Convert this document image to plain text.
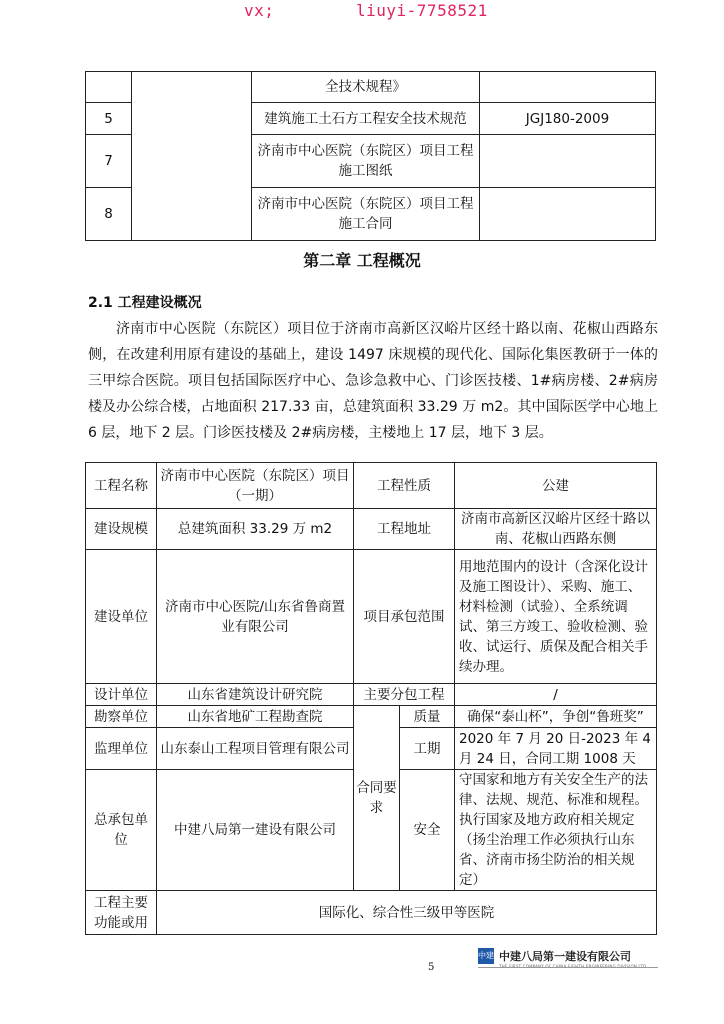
vx;	liuyi-7758521
		全技术规程》	
5		建筑施工土石方工程安全技术规范	JGJ180-2009
7		济南市中心医院（东院区）项目工程施工图纸	
8		济南市中心医院（东院区）项目工程施工合同	
第二章 工程概况
2.1 工程建设概况

济南市中心医院（东院区）项目位于济南市高新区汉峪片区经十路以南、花椒山西路东侧，在改建利用原有建设的基础上，建设 1497 床规模的现代化、国际化集医教研于一体的三甲综合医院。项目包括国际医疗中心、急诊急救中心、门诊医技楼、1#病房楼、2#病房楼及办公综合楼，占地面积 217.33 亩，总建筑面积 33.29 万 m2。其中国际医学中心地上 6 层，地下 2 层。门诊医技楼及 2#病房楼，主楼地上 17 层，地下 3 层。

工程名称	济南市中心医院（东院区）项目（一期）	工程性质		公建
建设规模	总建筑面积 33.29 万 m2	工程地址		济南市高新区汉峪片区经十路以南、花椒山西路东侧
建设单位	济南市中心医院/山东省鲁商置业有限公司	项目承包范围		用地范围内的设计（含深化设计及施工图设计）、采购、施工、材料检测（试验）、全系统调试、第三方竣工、验收检测、验收、试运行、质保及配合相关手续办理。
设计单位	山东省建筑设计研究院	主要分包工程		/
勘察单位	山东省地矿工程勘查院	合同要求	质量	确保“泰山杯”，争创“鲁班奖”
监理单位	山东泰山工程项目管理有限公司		工期	2020 年 7 月 20 日-2023 年 4 月 24 日，合同工期 1008 天
总承包单位	中建八局第一建设有限公司		安全	守国家和地方有关安全生产的法律、法规、规范、标准和规程。执行国家及地方政府相关规定（扬尘治理工作必须执行山东省、济南市扬尘防治的相关规定）
工程主要功能或用	国际化、综合性三级甲等医院			
5
中建 中建八局第一建设有限公司
